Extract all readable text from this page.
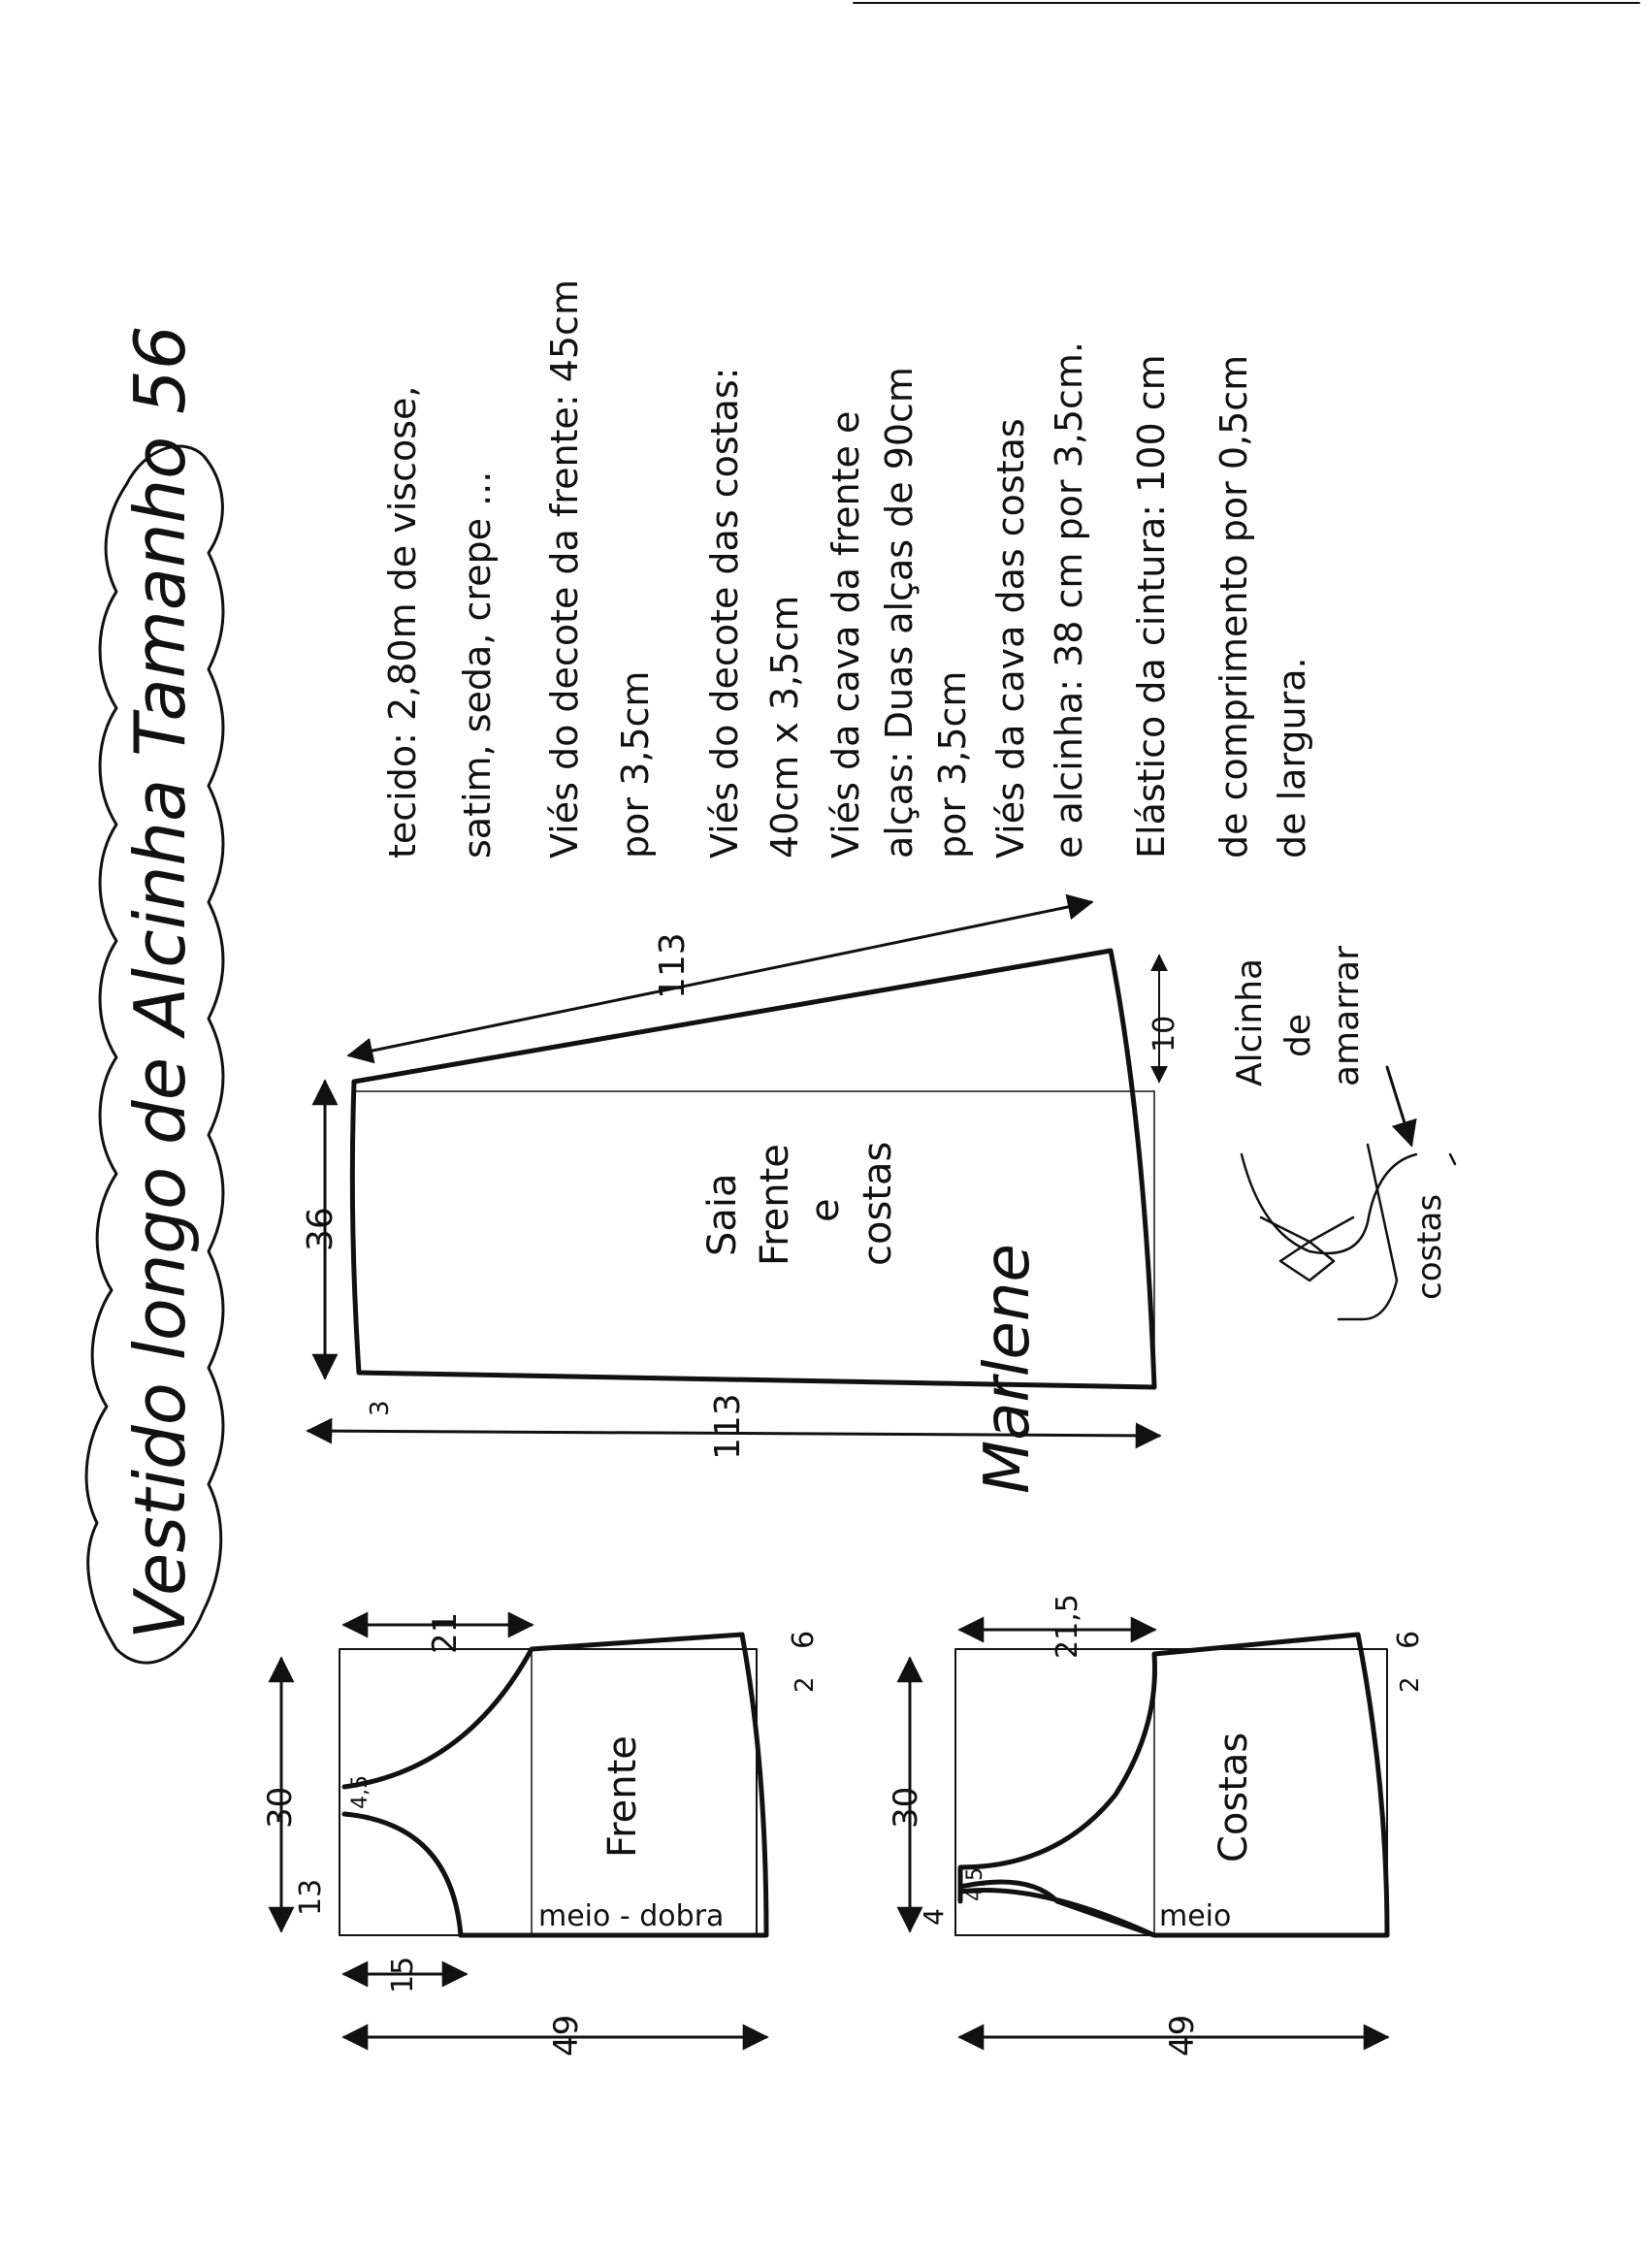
Vestido longo de Alcinha Tamanho 56	tecido: 2,80m de viscose, satim, seda, crepe ... Viés do decote da frente: 45cm por 3,5cm Viés do decote das costas: 40cm x 3,5cm Viés da cava da frente e alças: Duas alças de 90cm por 3,5cm Viés da cava das costas e alcinha: 38 cm por 3,5cm. Elástico da cintura: 100 cm de comprimento por 0,5cm de largura.
113
113
36
10
3
Saia Frente e costas
Alcinha de amarrar
costas
Marlene
21
30
13
15
49
4,5
6
2
Frente
meio - dobra
21,5
30
4
49
4,5
6
2
Costas
meio
